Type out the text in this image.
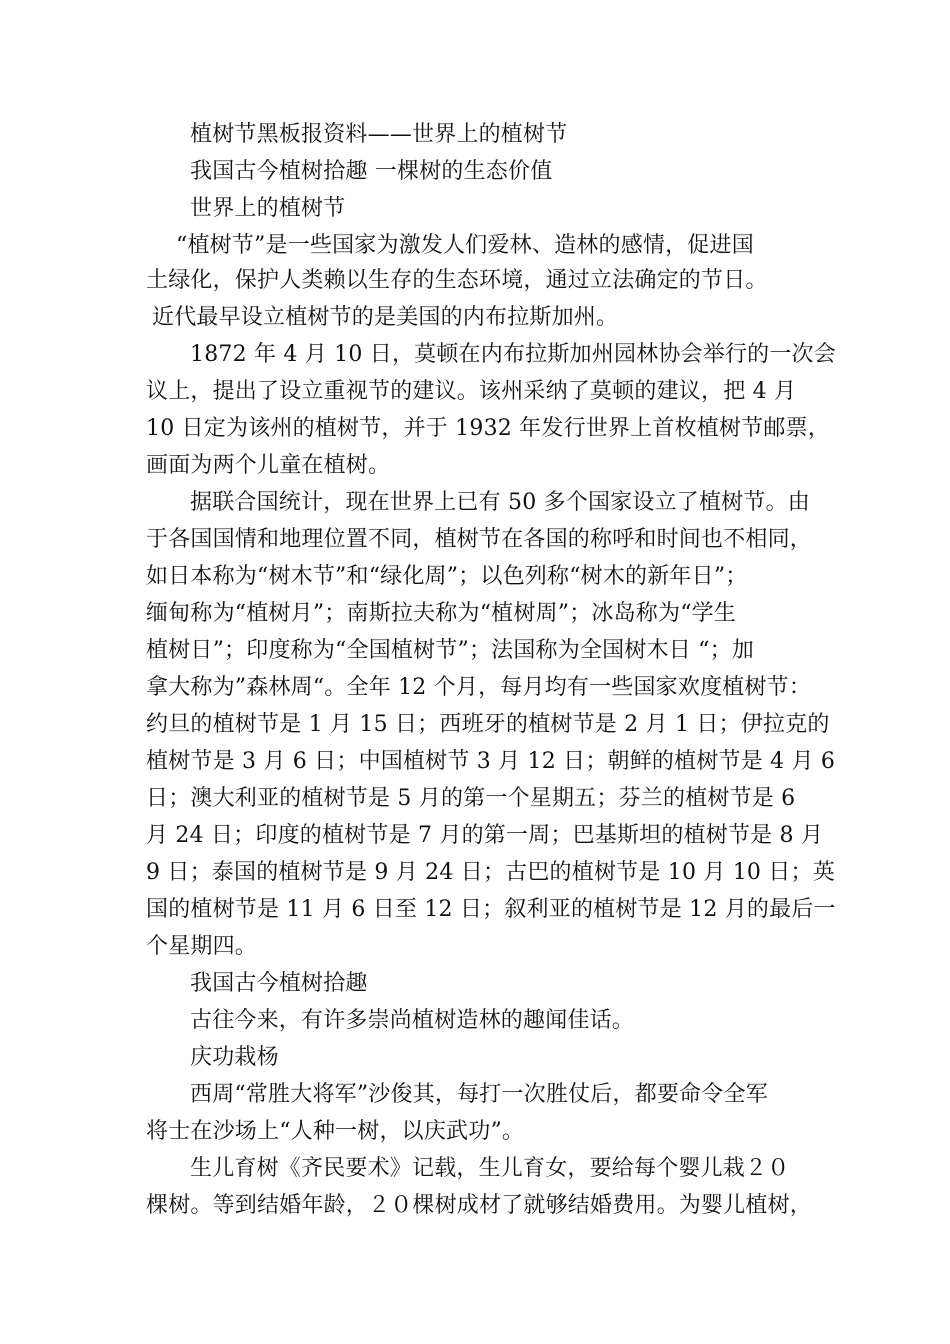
植树节黑板报资料——世界上的植树节
我国古今植树拾趣 一棵树的生态价值
世界上的植树节
“植树节”是一些国家为激发人们爱林、造林的感情，促进国
土绿化，保护人类赖以生存的生态环境，通过立法确定的节日。
近代最早设立植树节的是美国的内布拉斯加州。
1872 年 4 月 10 日，莫顿在内布拉斯加州园林协会举行的一次会
议上，提出了设立重视节的建议。该州采纳了莫顿的建议，把 4 月
10 日定为该州的植树节，并于 1932 年发行世界上首枚植树节邮票，
画面为两个儿童在植树。
据联合国统计，现在世界上已有 50 多个国家设立了植树节。由
于各国国情和地理位置不同，植树节在各国的称呼和时间也不相同，
如日本称为“树木节”和“绿化周”；以色列称“树木的新年日”；
缅甸称为“植树月”；南斯拉夫称为“植树周”；冰岛称为“学生
植树日”；印度称为“全国植树节”；法国称为全国树木日 “；加
拿大称为”森林周“。全年 12 个月，每月均有一些国家欢度植树节：
约旦的植树节是 1 月 15 日；西班牙的植树节是 2 月 1 日；伊拉克的
植树节是 3 月 6 日；中国植树节 3 月 12 日；朝鲜的植树节是 4 月 6
日；澳大利亚的植树节是 5 月的第一个星期五；芬兰的植树节是 6
月 24 日；印度的植树节是 7 月的第一周；巴基斯坦的植树节是 8 月
9 日；泰国的植树节是 9 月 24 日；古巴的植树节是 10 月 10 日；英
国的植树节是 11 月 6 日至 12 日；叙利亚的植树节是 12 月的最后一
个星期四。
我国古今植树拾趣
古往今来，有许多崇尚植树造林的趣闻佳话。
庆功栽杨
西周“常胜大将军”沙俊其，每打一次胜仗后，都要命令全军
将士在沙场上“人种一树，以庆武功”。
生儿育树《齐民要术》记载，生儿育女，要给每个婴儿栽２０
棵树。等到结婚年龄，２０棵树成材了就够结婚费用。为婴儿植树，
